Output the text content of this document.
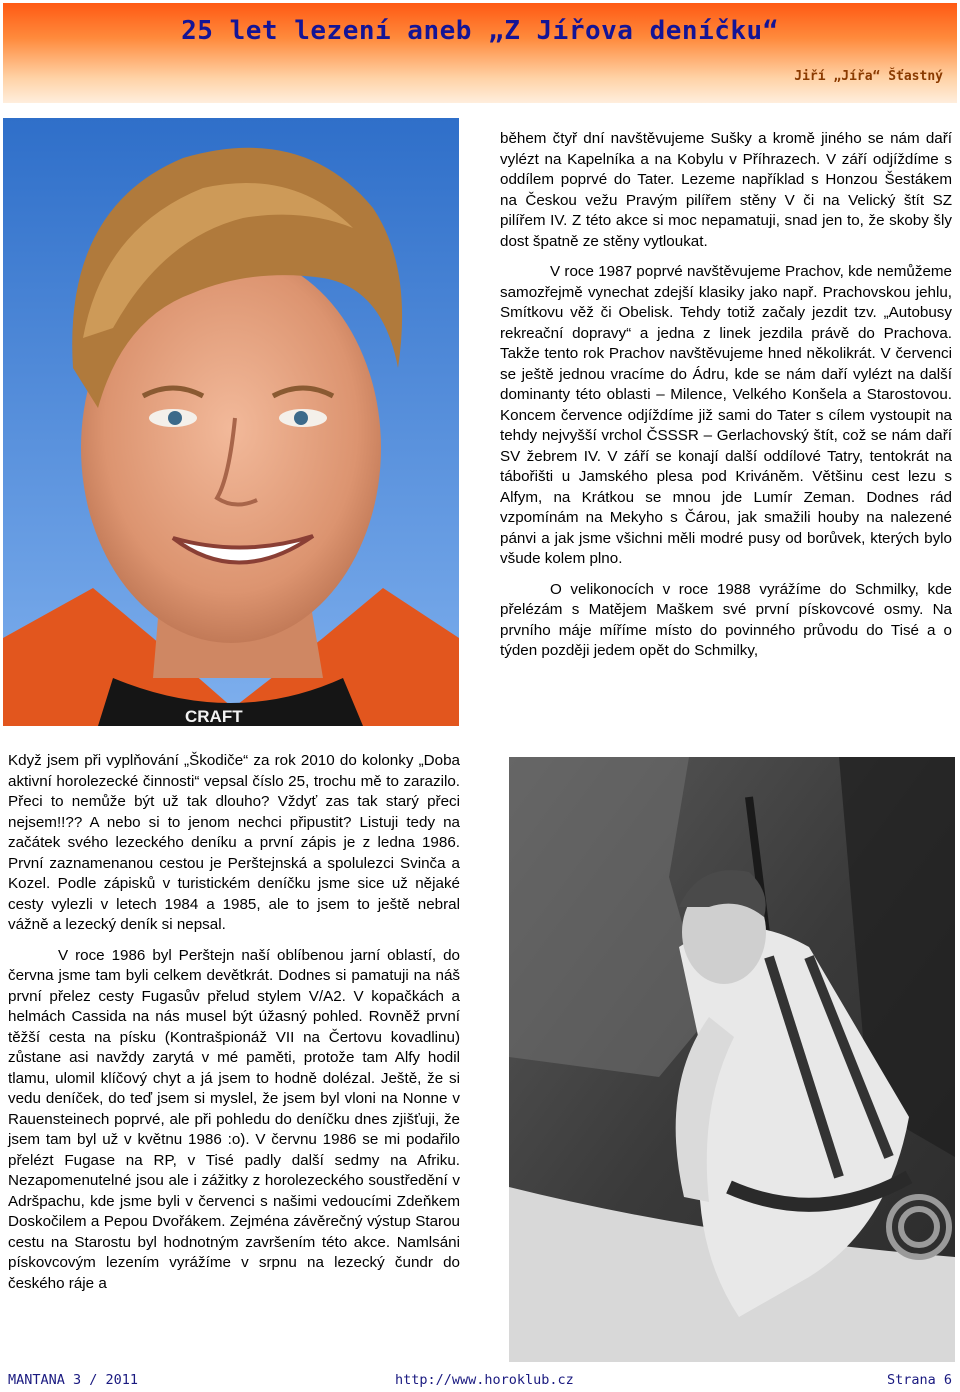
25 let lezení aneb „Z Jířova deníčku“
Jiří „Jířa“ Šťastný
CRAFT

během čtyř dní navštěvujeme Sušky a kromě jiného se nám daří vylézt na Kapelníka a na Kobylu v Příhrazech. V září odjíždíme s oddílem poprvé do Tater. Lezeme například s Honzou Šestákem na Českou vežu Pravým pilířem stěny V či na Velický štít SZ pilířem IV. Z této akce si moc nepamatuji, snad jen to, že skoby šly dost špatně ze stěny vytloukat.

V roce 1987 poprvé navštěvujeme Prachov, kde nemůžeme samozřejmě vynechat zdejší klasiky jako např. Prachovskou jehlu, Smítkovu věž či Obelisk. Tehdy totiž začaly jezdit tzv. „Autobusy rekreační dopravy“ a jedna z linek jezdila právě do Prachova. Takže tento rok Prachov navštěvujeme hned několikrát. V červenci se ještě jednou vracíme do Ádru, kde se nám daří vylézt na další dominanty této oblasti – Milence, Velkého Konšela a Starostovou. Koncem července odjíždíme již sami do Tater s cílem vystoupit na tehdy nejvyšší vrchol ČSSSR – Gerlachovský štít, což se nám daří SV žebrem IV. V září se konají další oddílové Tatry, tentokrát na tábořišti u Jamského plesa pod Kriváněm. Většinu cest lezu s Alfym, na Krátkou se mnou jde Lumír Zeman. Dodnes rád vzpomínám na Mekyho s Čárou, jak smažili houby na nalezené pánvi a jak jsme všichni měli modré pusy od borůvek, kterých bylo všude kolem plno.

O velikonocích v roce 1988 vyrážíme do Schmilky, kde přelézám s Matějem Maškem své první pískovcové osmy. Na prvního máje míříme místo do povinného průvodu do Tisé a o týden později jedem opět do Schmilky,

Když jsem při vyplňování „Škodiče“ za rok 2010 do kolonky „Doba aktivní horolezecké činnosti“ vepsal číslo 25, trochu mě to zarazilo. Přeci to nemůže být už tak dlouho? Vždyť zas tak starý přeci nejsem!!?? A nebo si to jenom nechci připustit? Listuji tedy na začátek svého lezeckého deníku a první zápis je z ledna 1986. První zaznamenanou cestou je Perštejnská a spolulezci Svinča a Kozel. Podle zápisků v turistickém deníčku jsme sice už nějaké cesty vylezli v letech 1984 a 1985, ale to jsem to ještě nebral vážně a lezecký deník si nepsal.

V roce 1986 byl Perštejn naší oblíbenou jarní oblastí, do června jsme tam byli celkem devětkrát. Dodnes si pamatuji na náš první přelez cesty Fugasův přelud stylem V/A2. V kopačkách a helmách Cassida na nás musel být úžasný pohled. Rovněž první těžší cesta na písku (Kontrašpionáž VII na Čertovu kovadlinu) zůstane asi navždy zarytá v mé paměti, protože tam Alfy hodil tlamu, ulomil klíčový chyt a já jsem to hodně dolézal. Ještě, že si vedu deníček, do teď jsem si myslel, že jsem byl vloni na Nonne v Rauensteinech poprvé, ale při pohledu do deníčku dnes zjišťuji, že jsem tam byl už v květnu 1986 :o). V červnu 1986 se mi podařilo přelézt Fugase na RP, v Tisé padly další sedmy na Afriku. Nezapomenutelné jsou ale i zážitky z horolezeckého soustředění v Adršpachu, kde jsme byli v červenci s našimi vedoucími Zdeňkem Doskočilem a Pepou Dvořákem. Zejména závěrečný výstup Starou cestu na Starostu byl hodnotným završením této akce. Namlsáni pískovcovým lezením vyrážíme v srpnu na lezecký čundr do českého ráje a

MANTANA 3 / 2011	http://www.horoklub.cz	Strana 6
